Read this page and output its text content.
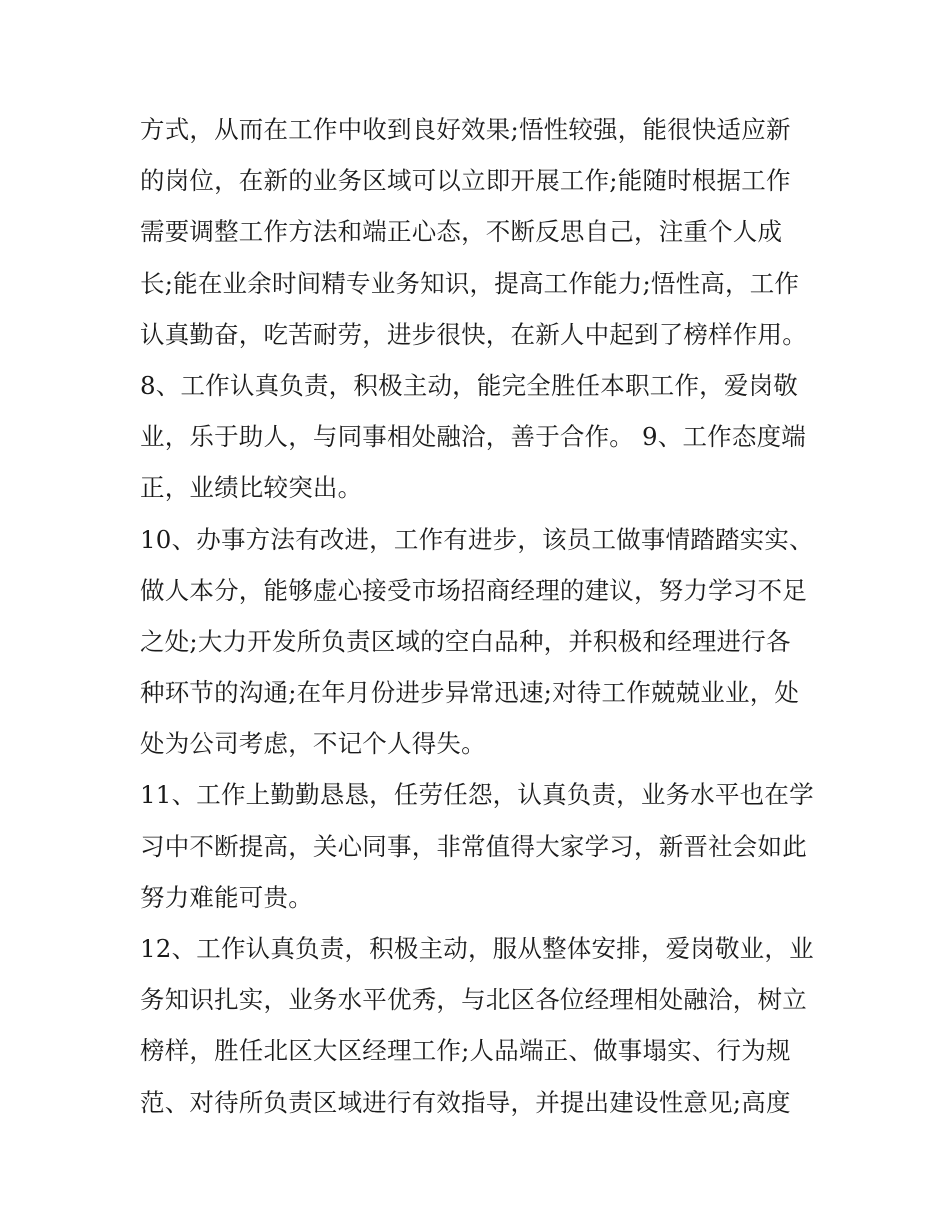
方式，从而在工作中收到良好效果;悟性较强，能很快适应新
的岗位，在新的业务区域可以立即开展工作;能随时根据工作
需要调整工作方法和端正心态，不断反思自己，注重个人成
长;能在业余时间精专业务知识，提高工作能力;悟性高，工作
认真勤奋，吃苦耐劳，进步很快，在新人中起到了榜样作用。
8、工作认真负责，积极主动，能完全胜任本职工作，爱岗敬
业，乐于助人，与同事相处融洽，善于合作。 9、工作态度端
正，业绩比较突出。
10、办事方法有改进，工作有进步，该员工做事情踏踏实实、
做人本分，能够虚心接受市场招商经理的建议，努力学习不足
之处;大力开发所负责区域的空白品种，并积极和经理进行各
种环节的沟通;在年月份进步异常迅速;对待工作兢兢业业，处
处为公司考虑，不记个人得失。
11、工作上勤勤恳恳，任劳任怨，认真负责，业务水平也在学
习中不断提高，关心同事，非常值得大家学习，新晋社会如此
努力难能可贵。
12、工作认真负责，积极主动，服从整体安排，爱岗敬业，业
务知识扎实，业务水平优秀，与北区各位经理相处融洽，树立
榜样，胜任北区大区经理工作;人品端正、做事塌实、行为规
范、对待所负责区域进行有效指导，并提出建设性意见;高度
